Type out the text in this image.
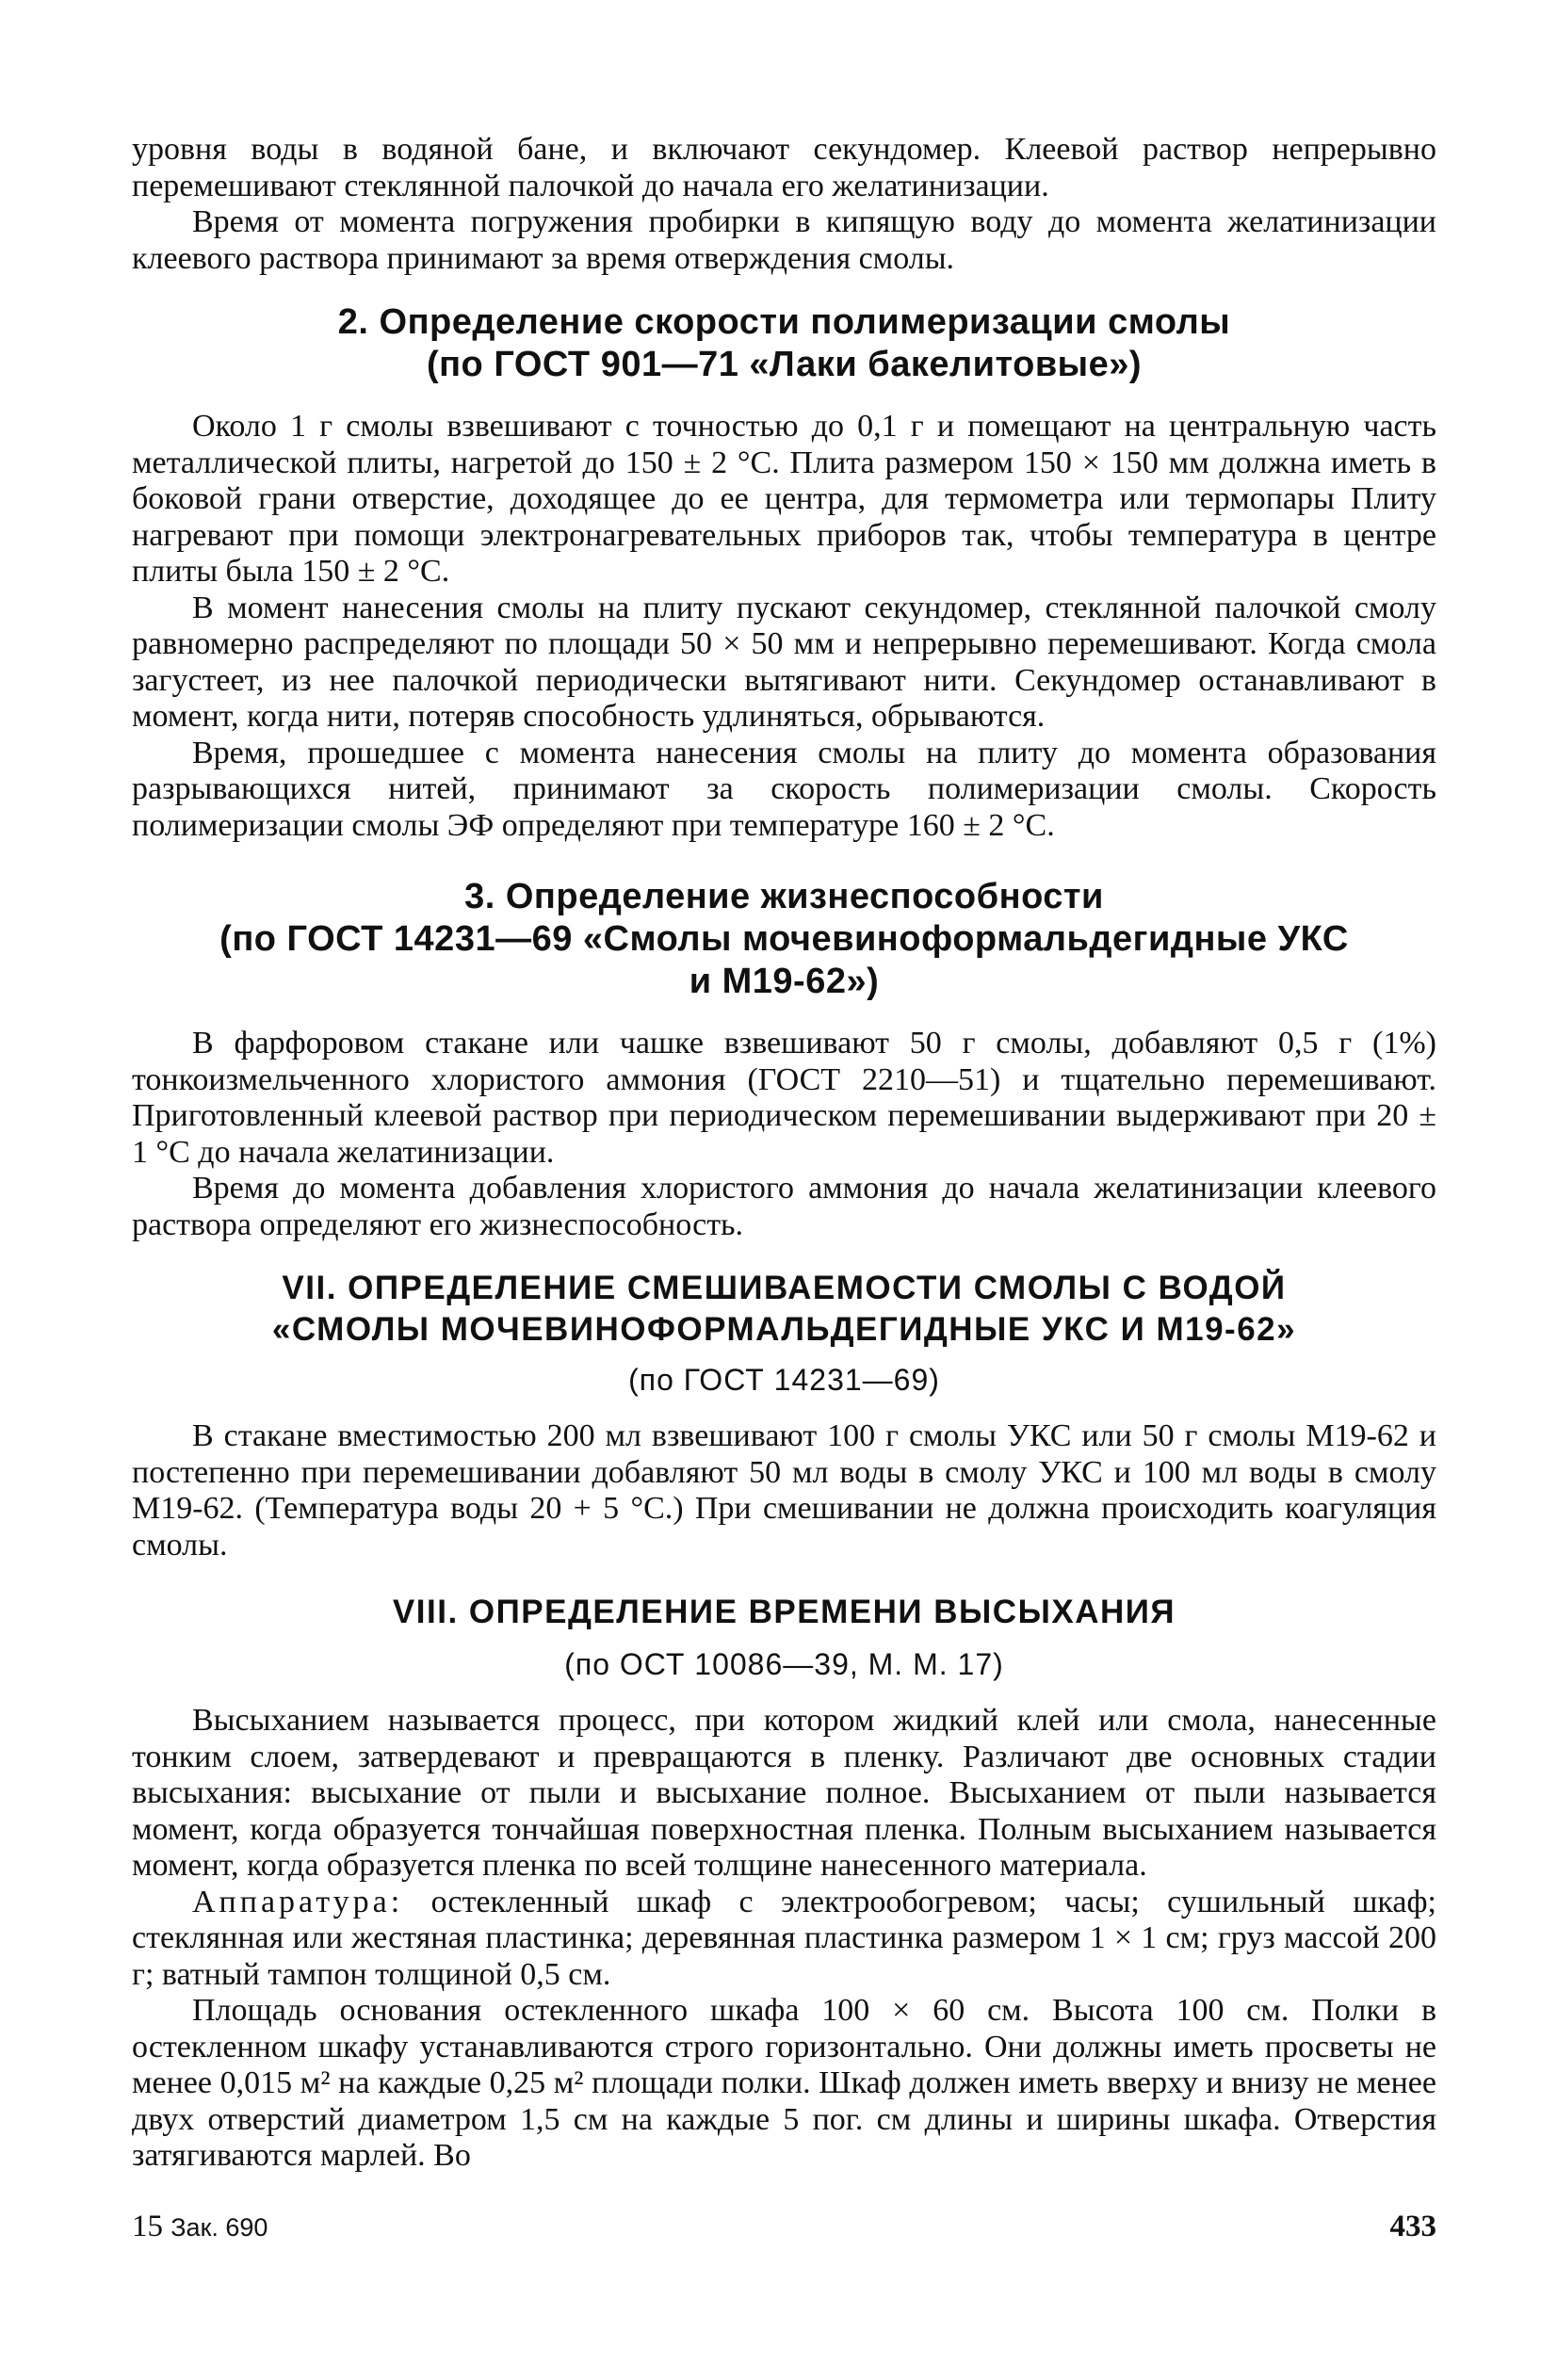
уровня воды в водяной бане, и включают секундомер. Клеевой раствор непрерывно перемешивают стеклянной палочкой до начала его желатинизации.

Время от момента погружения пробирки в кипящую воду до момента желатинизации клеевого раствора принимают за время отверждения смолы.

2. Определение скорости полимеризации смолы
(по ГОСТ 901—71 «Лаки бакелитовые»)

Около 1 г смолы взвешивают с точностью до 0,1 г и помещают на центральную часть металлической плиты, нагретой до 150 ± 2 °С. Плита размером 150 × 150 мм должна иметь в боковой грани отверстие, доходящее до ее центра, для термометра или термопары Плиту нагревают при помощи электронагревательных приборов так, чтобы температура в центре плиты была 150 ± 2 °С.

В момент нанесения смолы на плиту пускают секундомер, стеклянной палочкой смолу равномерно распределяют по площади 50 × 50 мм и непрерывно перемешивают. Когда смола загустеет, из нее палочкой периодически вытягивают нити. Секундомер останавливают в момент, когда нити, потеряв способность удлиняться, обрываются.

Время, прошедшее с момента нанесения смолы на плиту до момента образования разрывающихся нитей, принимают за скорость полимеризации смолы. Скорость полимеризации смолы ЭФ определяют при температуре 160 ± 2 °С.

3. Определение жизнеспособности
(по ГОСТ 14231—69 «Смолы мочевиноформальдегидные УКС
и М19-62»)

В фарфоровом стакане или чашке взвешивают 50 г смолы, добавляют 0,5 г (1%) тонкоизмельченного хлористого аммония (ГОСТ 2210—51) и тщательно перемешивают. Приготовленный клеевой раствор при периодическом перемешивании выдерживают при 20 ± 1 °С до начала желатинизации.

Время до момента добавления хлористого аммония до начала желатинизации клеевого раствора определяют его жизнеспособность.

VII. ОПРЕДЕЛЕНИЕ СМЕШИВАЕМОСТИ СМОЛЫ С ВОДОЙ
«СМОЛЫ МОЧЕВИНОФОРМАЛЬДЕГИДНЫЕ УКС И М19-62»
(по ГОСТ 14231—69)

В стакане вместимостью 200 мл взвешивают 100 г смолы УКС или 50 г смолы М19-62 и постепенно при перемешивании добавляют 50 мл воды в смолу УКС и 100 мл воды в смолу М19-62. (Температура воды 20 + 5 °С.) При смешивании не должна происходить коагуляция смолы.

VIII. ОПРЕДЕЛЕНИЕ ВРЕМЕНИ ВЫСЫХАНИЯ
(по ОСТ 10086—39, М. М. 17)

Высыханием называется процесс, при котором жидкий клей или смола, нанесенные тонким слоем, затвердевают и превращаются в пленку. Различают две основных стадии высыхания: высыхание от пыли и высыхание полное. Высыханием от пыли называется момент, когда образуется тончайшая поверхностная пленка. Полным высыханием называется момент, когда образуется пленка по всей толщине нанесенного материала.

Аппаратура: остекленный шкаф с электрообогревом; часы; сушильный шкаф; стеклянная или жестяная пластинка; деревянная пластинка размером 1 × 1 см; груз массой 200 г; ватный тампон толщиной 0,5 см.

Площадь основания остекленного шкафа 100 × 60 см. Высота 100 см. Полки в остекленном шкафу устанавливаются строго горизонтально. Они должны иметь просветы не менее 0,015 м² на каждые 0,25 м² площади полки. Шкаф должен иметь вверху и внизу не менее двух отверстий диаметром 1,5 см на каждые 5 пог. см длины и ширины шкафа. Отверстия затягиваются марлей. Во

15 Зак. 690	433
